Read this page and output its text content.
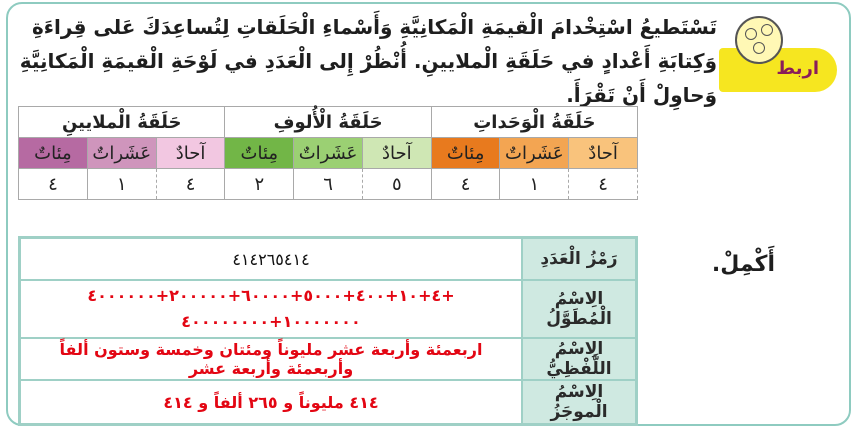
اربط
تَسْتَطيعُ اسْتِخْدامَ الْقيمَةِ الْمَكانِيَّةِ وَأَسْماءِ الْحَلَقاتِ لِتُساعِدَكَ عَلى قِراءَةِ وَكِتابَةِ أَعْدادٍ في حَلَقَةِ الْملايينِ. أُنْظُرْ إِلى الْعَدَدِ في لَوْحَةِ الْقيمَةِ الْمَكانِيَّةِ وَحاوِلْ أَنْ تَقْرَأَ.
حَلَقَةُ الْوَحَداتِ			حَلَقَةُ الْأُلوفِ			حَلَقَةُ الْملايينِ		
آحادٌ	عَشَراتٌ	مِئاتٌ	آحادٌ	عَشَراتٌ	مِئاتٌ	آحادٌ	عَشَراتٌ	مِئاتٌ
٤	١	٤	٥	٦	٢	٤	١	٤
أَكْمِلْ.
رَمْزُ الْعَدَدِ	٤١٤٢٦٥٤١٤
الِاسْمُ الْمُطَوَّلُ	٤+١٠+٤٠٠+٥٠٠٠+٦٠٠٠٠+٢٠٠٠٠٠+٤٠٠٠٠٠٠+
١٠٠٠٠٠٠٠+٤٠٠٠٠٠٠٠٠

الِاسْمُ اللَّفْظِيُّ	اربعمئة وأربعة عشر مليوناً ومئتان وخمسة وستون ألفاً وأربعمئة وأربعة عشر
الِاسْمُ الْموجَزُ	٤١٤ مليوناً و ٢٦٥ ألفاً و ٤١٤
